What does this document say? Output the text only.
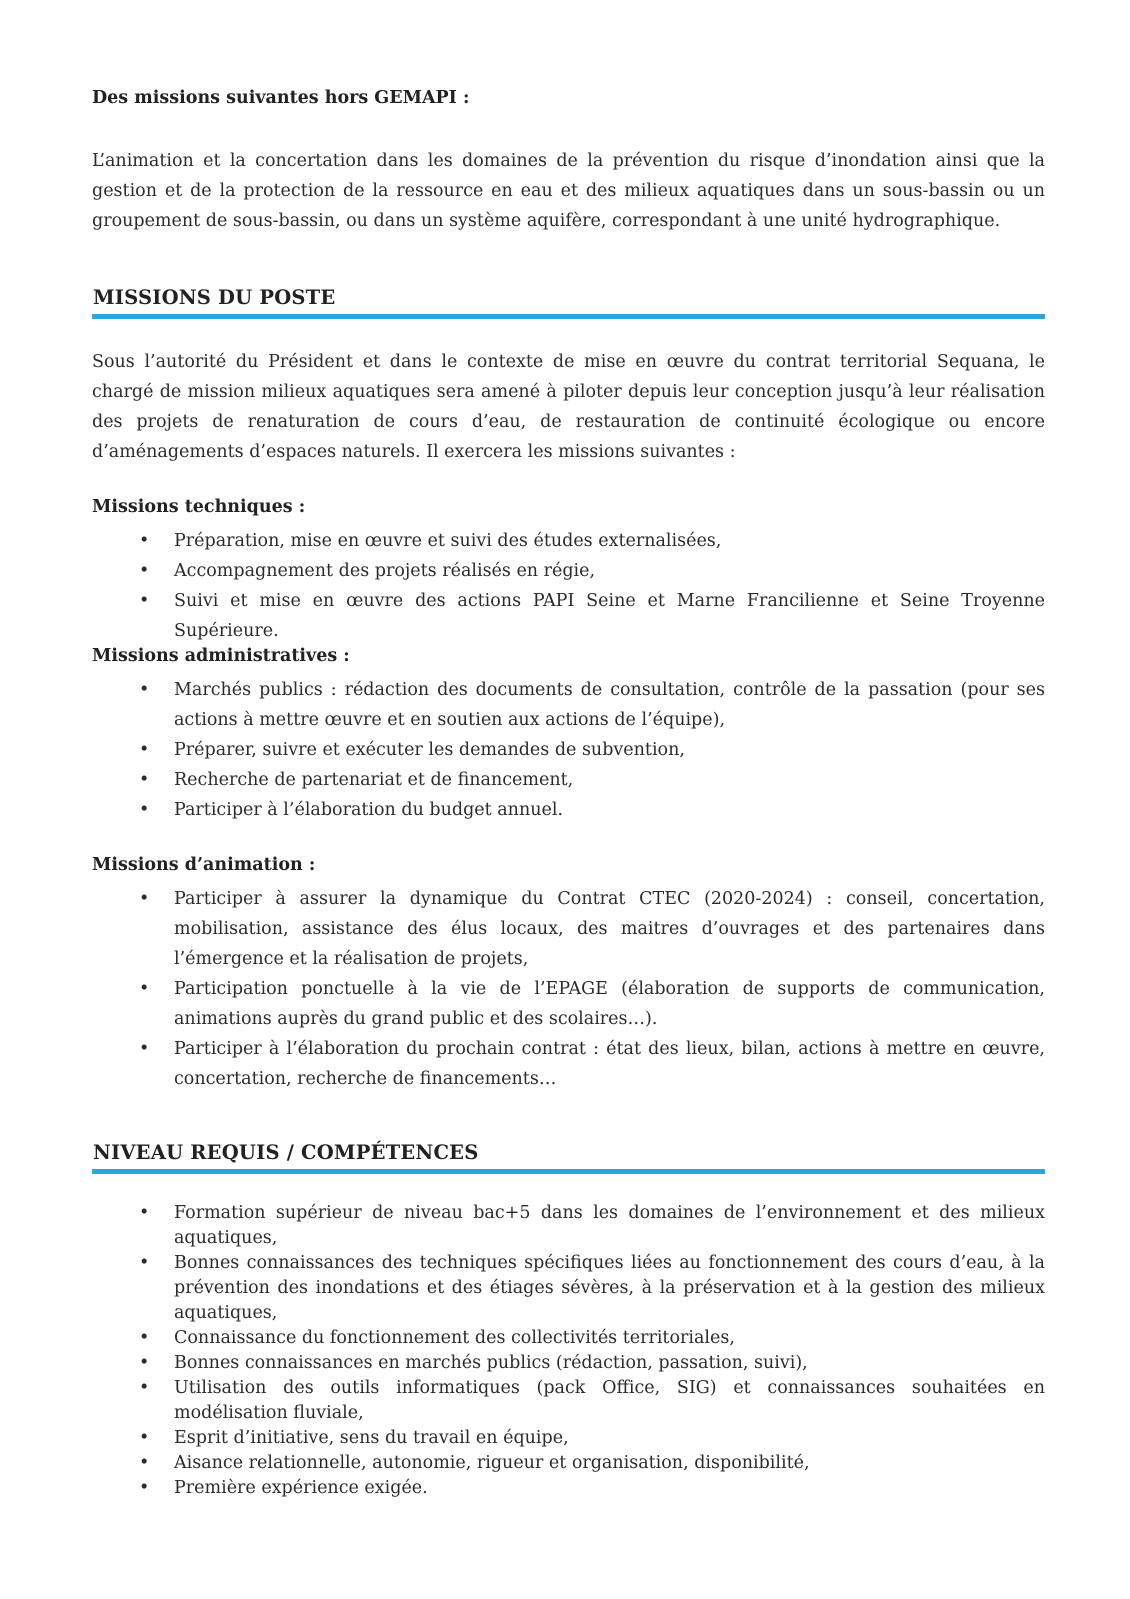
Des missions suivantes hors GEMAPI :

L’animation et la concertation dans les domaines de la prévention du risque d’inondation ainsi que la gestion et de la protection de la ressource en eau et des milieux aquatiques dans un sous-bassin ou un groupement de sous-bassin, ou dans un système aquifère, correspondant à une unité hydrographique.

MISSIONS DU POSTE

Sous l’autorité du Président et dans le contexte de mise en œuvre du contrat territorial Sequana, le chargé de mission milieux aquatiques sera amené à piloter depuis leur conception jusqu’à leur réalisation des projets de renaturation de cours d’eau, de restauration de continuité écologique ou encore d’aménagements d’espaces naturels. Il exercera les missions suivantes :

Missions techniques :
• Préparation, mise en œuvre et suivi des études externalisées,
• Accompagnement des projets réalisés en régie,
• Suivi et mise en œuvre des actions PAPI Seine et Marne Francilienne et Seine Troyenne Supérieure.
Missions administratives :
• Marchés publics : rédaction des documents de consultation, contrôle de la passation (pour ses actions à mettre œuvre et en soutien aux actions de l’équipe),
• Préparer, suivre et exécuter les demandes de subvention,
• Recherche de partenariat et de financement,
• Participer à l’élaboration du budget annuel.
Missions d’animation :
• Participer à assurer la dynamique du Contrat CTEC (2020-2024) : conseil, concertation, mobilisation, assistance des élus locaux, des maitres d’ouvrages et des partenaires dans l’émergence et la réalisation de projets,
• Participation ponctuelle à la vie de l’EPAGE (élaboration de supports de communication, animations auprès du grand public et des scolaires…).
• Participer à l’élaboration du prochain contrat : état des lieux, bilan, actions à mettre en œuvre, concertation, recherche de financements…
NIVEAU REQUIS / COMPÉTENCES
• Formation supérieur de niveau bac+5 dans les domaines de l’environnement et des milieux aquatiques,
• Bonnes connaissances des techniques spécifiques liées au fonctionnement des cours d’eau, à la prévention des inondations et des étiages sévères, à la préservation et à la gestion des milieux aquatiques,
• Connaissance du fonctionnement des collectivités territoriales,
• Bonnes connaissances en marchés publics (rédaction, passation, suivi),
• Utilisation des outils informatiques (pack Office, SIG) et connaissances souhaitées en modélisation fluviale,
• Esprit d’initiative, sens du travail en équipe,
• Aisance relationnelle, autonomie, rigueur et organisation, disponibilité,
• Première expérience exigée.
